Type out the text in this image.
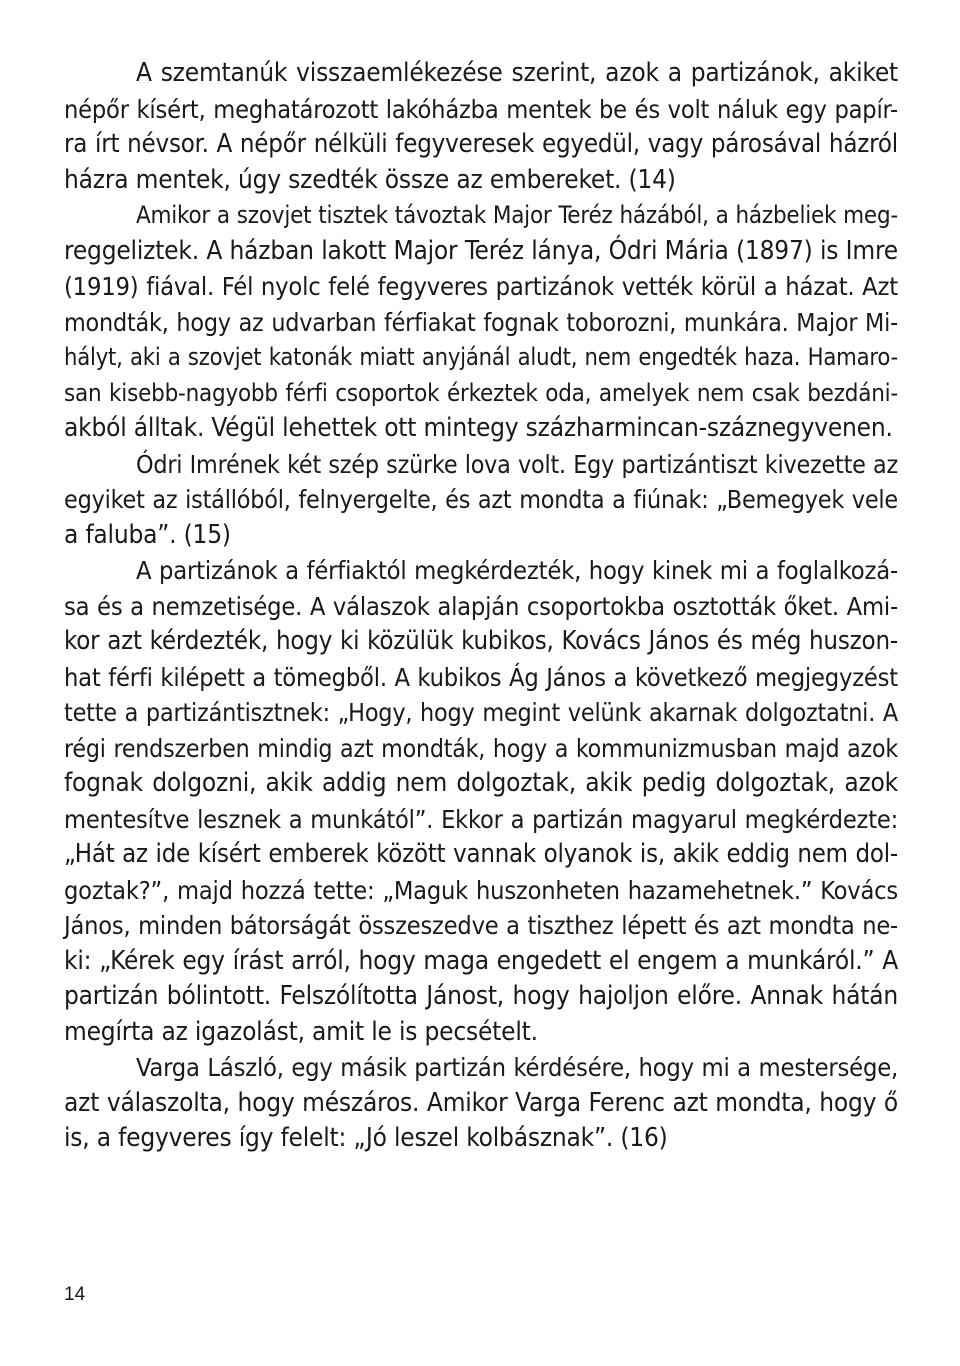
A szemtanúk visszaemlékezése szerint, azok a partizánok, akiket
népőr kísért, meghatározott lakóházba mentek be és volt náluk egy papír-
ra írt névsor. A népőr nélküli fegyveresek egyedül, vagy párosával házról
házra mentek, úgy szedték össze az embereket. (14)
Amikor a szovjet tisztek távoztak Major Teréz házából, a házbeliek meg-
reggeliztek. A házban lakott Major Teréz lánya, Ódri Mária (1897) is Imre
(1919) fiával. Fél nyolc felé fegyveres partizánok vették körül a házat. Azt
mondták, hogy az udvarban férfiakat fognak toborozni, munkára. Major Mi-
hályt, aki a szovjet katonák miatt anyjánál aludt, nem engedték haza. Hamaro-
san kisebb-nagyobb férfi csoportok érkeztek oda, amelyek nem csak bezdáni-
akból álltak. Végül lehettek ott mintegy százharmincan-száznegyvenen.
Ódri Imrének két szép szürke lova volt. Egy partizántiszt kivezette az
egyiket az istállóból, felnyergelte, és azt mondta a fiúnak: „Bemegyek vele
a faluba”. (15)
A partizánok a férfiaktól megkérdezték, hogy kinek mi a foglalkozá-
sa és a nemzetisége. A válaszok alapján csoportokba osztották őket. Ami-
kor azt kérdezték, hogy ki közülük kubikos, Kovács János és még huszon-
hat férfi kilépett a tömegből. A kubikos Ág János a következő megjegyzést
tette a partizántisztnek: „Hogy, hogy megint velünk akarnak dolgoztatni. A
régi rendszerben mindig azt mondták, hogy a kommunizmusban majd azok
fognak dolgozni, akik addig nem dolgoztak, akik pedig dolgoztak, azok
mentesítve lesznek a munkától”. Ekkor a partizán magyarul megkérdezte:
„Hát az ide kísért emberek között vannak olyanok is, akik eddig nem dol-
goztak?”, majd hozzá tette: „Maguk huszonheten hazamehetnek.” Kovács
János, minden bátorságát összeszedve a tiszthez lépett és azt mondta ne-
ki: „Kérek egy írást arról, hogy maga engedett el engem a munkáról.” A
partizán bólintott. Felszólította Jánost, hogy hajoljon előre. Annak hátán
megírta az igazolást, amit le is pecsételt.
Varga László, egy másik partizán kérdésére, hogy mi a mestersége,
azt válaszolta, hogy mészáros. Amikor Varga Ferenc azt mondta, hogy ő
is, a fegyveres így felelt: „Jó leszel kolbásznak”. (16)
14
